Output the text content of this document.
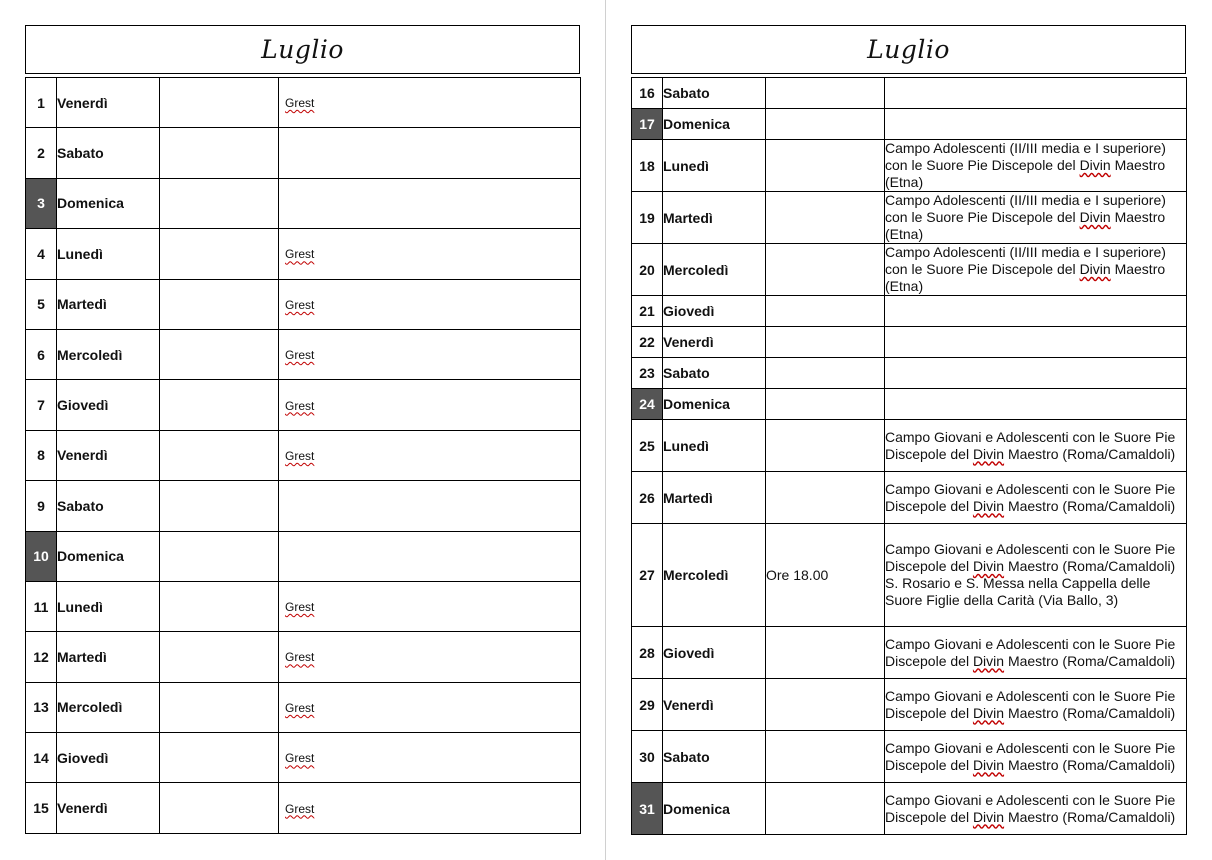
Luglio
1	Venerdì		Grest
2	Sabato		
3	Domenica		
4	Lunedì		Grest
5	Martedì		Grest
6	Mercoledì		Grest
7	Giovedì		Grest
8	Venerdì		Grest
9	Sabato		
10	Domenica		
11	Lunedì		Grest
12	Martedì		Grest
13	Mercoledì		Grest
14	Giovedì		Grest
15	Venerdì		Grest
Luglio
16	Sabato		
17	Domenica		
18	Lunedì		Campo Adolescenti (II/III media e I superiore) con le Suore Pie Discepole del Divin Maestro (Etna)
19	Martedì		Campo Adolescenti (II/III media e I superiore) con le Suore Pie Discepole del Divin Maestro (Etna)
20	Mercoledì		Campo Adolescenti (II/III media e I superiore) con le Suore Pie Discepole del Divin Maestro (Etna)
21	Giovedì		
22	Venerdì		
23	Sabato		
24	Domenica		
25	Lunedì		Campo Giovani e Adolescenti con le Suore Pie Discepole del Divin Maestro (Roma/Camaldoli)
26	Martedì		Campo Giovani e Adolescenti con le Suore Pie Discepole del Divin Maestro (Roma/Camaldoli)
27	Mercoledì	Ore 18.00	Campo Giovani e Adolescenti con le Suore Pie Discepole del Divin Maestro (Roma/Camaldoli)
S. Rosario e S. Messa nella Cappella delle Suore Figlie della Carità (Via Ballo, 3)
28	Giovedì		Campo Giovani e Adolescenti con le Suore Pie Discepole del Divin Maestro (Roma/Camaldoli)
29	Venerdì		Campo Giovani e Adolescenti con le Suore Pie Discepole del Divin Maestro (Roma/Camaldoli)
30	Sabato		Campo Giovani e Adolescenti con le Suore Pie Discepole del Divin Maestro (Roma/Camaldoli)
31	Domenica		Campo Giovani e Adolescenti con le Suore Pie Discepole del Divin Maestro (Roma/Camaldoli)
